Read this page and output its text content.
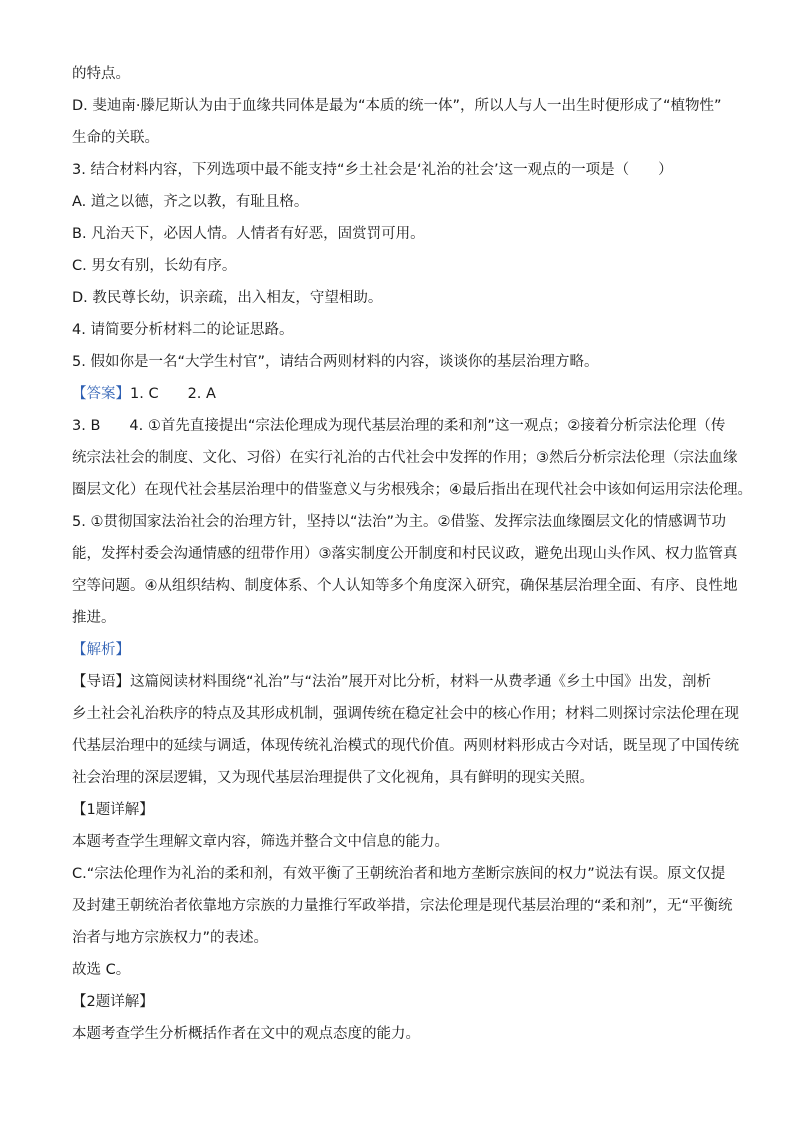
的特点。
D. 斐迪南·滕尼斯认为由于血缘共同体是最为“本质的统一体”，所以人与人一出生时便形成了“植物性”
生命的关联。
3. 结合材料内容，下列选项中最不能支持“乡土社会是‘礼治的社会’这一观点的一项是（　　）
A. 道之以德，齐之以教，有耻且格。
B. 凡治天下，必因人情。人情者有好恶，固赏罚可用。
C. 男女有别，长幼有序。
D. 教民尊长幼，识亲疏，出入相友，守望相助。
4. 请简要分析材料二的论证思路。
5. 假如你是一名“大学生村官”，请结合两则材料的内容，谈谈你的基层治理方略。
【答案】1. C　　2. A
3. B　　4. ①首先直接提出“宗法伦理成为现代基层治理的柔和剂”这一观点；②接着分析宗法伦理（传
统宗法社会的制度、文化、习俗）在实行礼治的古代社会中发挥的作用；③然后分析宗法伦理（宗法血缘
圈层文化）在现代社会基层治理中的借鉴意义与劣根残余；④最后指出在现代社会中该如何运用宗法伦理。
5. ①贯彻国家法治社会的治理方针，坚持以“法治”为主。②借鉴、发挥宗法血缘圈层文化的情感调节功
能，发挥村委会沟通情感的纽带作用）③落实制度公开制度和村民议政，避免出现山头作风、权力监管真
空等问题。④从组织结构、制度体系、个人认知等多个角度深入研究，确保基层治理全面、有序、良性地
推进。
【解析】
【导语】这篇阅读材料围绕“礼治”与“法治”展开对比分析，材料一从费孝通《乡土中国》出发，剖析
乡土社会礼治秩序的特点及其形成机制，强调传统在稳定社会中的核心作用；材料二则探讨宗法伦理在现
代基层治理中的延续与调适，体现传统礼治模式的现代价值。两则材料形成古今对话，既呈现了中国传统
社会治理的深层逻辑，又为现代基层治理提供了文化视角，具有鲜明的现实关照。
【1题详解】
本题考查学生理解文章内容，筛选并整合文中信息的能力。
C.“宗法伦理作为礼治的柔和剂，有效平衡了王朝统治者和地方垄断宗族间的权力”说法有误。原文仅提
及封建王朝统治者依靠地方宗族的力量推行军政举措，宗法伦理是现代基层治理的“柔和剂”，无“平衡统
治者与地方宗族权力”的表述。
故选 C。
【2题详解】
本题考查学生分析概括作者在文中的观点态度的能力。
